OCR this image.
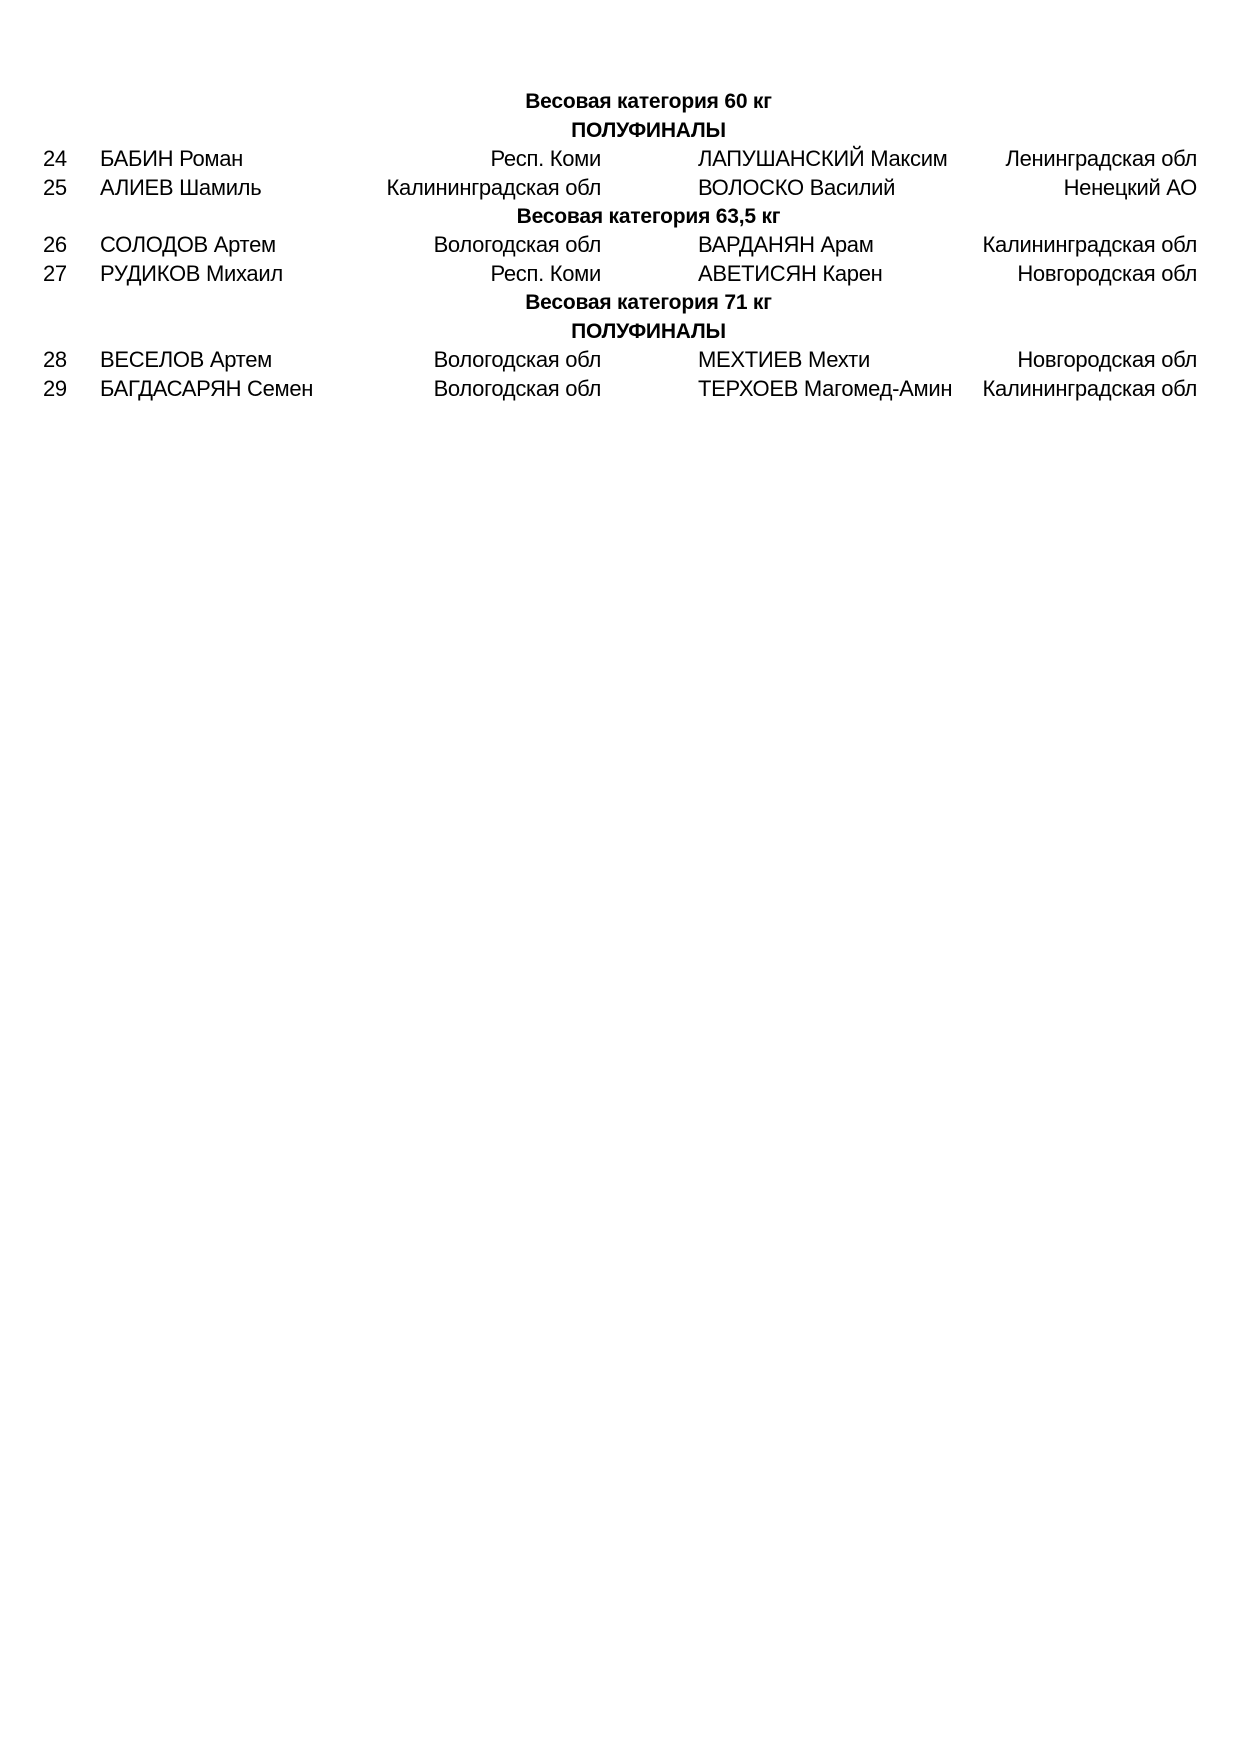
Весовая категория 60 кг
ПОЛУФИНАЛЫ
24 БАБИН Роман	Респ. Коми	ЛАПУШАНСКИЙ Максим	Ленинградская обл
25 АЛИЕВ Шамиль	Калининградская обл	ВОЛОСКО Василий	Ненецкий АО
Весовая категория 63,5 кг
26 СОЛОДОВ Артем	Вологодская обл	ВАРДАНЯН Арам	Калининградская обл
27 РУДИКОВ Михаил	Респ. Коми	АВЕТИСЯН Карен	Новгородская обл
Весовая категория 71 кг
ПОЛУФИНАЛЫ
28 ВЕСЕЛОВ Артем	Вологодская обл	МЕХТИЕВ Мехти	Новгородская обл
29 БАГДАСАРЯН Семен	Вологодская обл	ТЕРХОЕВ Магомед-Амин Калининградская обл
